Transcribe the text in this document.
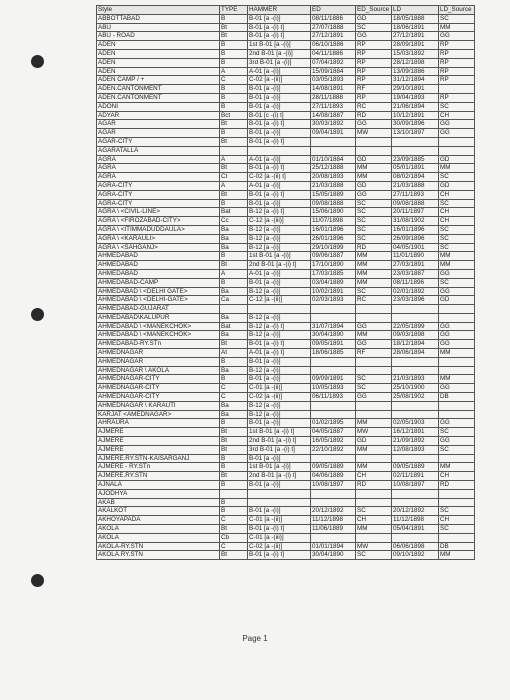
Style	TYPE	HAMMER	ED	ED_Source	LD	LD_Source
ABBOTTABAD	B	B-01 [a -(i)]	08/11/1886	GD	18/05/1888	SC
ABU	Bt	B-01 [a -(i) t]	27/07/1888	SC	18/06/1891	MM
ABU - ROAD	Bt	B-01 [a -(i) t]	27/12/1891	GG	27/12/1891	GG
ADEN	B	1st B-01 [a -(i)]	06/10/1886	RP	28/09/1891	RP
ADEN	B	2nd B-01 [a -(i)]	04/11/1886	RP	15/03/1892	RP
ADEN	B	3rd B-01 [a -(i)]	07/04/1892	RP	28/12/1898	RP
ADEN	A	A-01 [a -(i)]	15/09/1884	RP	13/09/1886	RP
ADEN CAMP / +	C	C-02 [a -(ii)]	03/05/1893	RP	31/12/1894	RP
ADEN.CANTONMENT	B	B-01 [a -(i)]	14/08/1891	RF	29/10/1891	
ADEN.CANTONMENT	B	B-01 [a -(i)]	28/11/1888	RP	19/04/1893	RP
ADONI	B	B-01 [a -(i)]	27/11/1893	RC	21/06/1894	SC
ADYAR	Bct	B-01 [c -(i) t]	14/08/1887	RD	10/12/1891	CH
AGAR	Bt	B-01 [a -(i) t]	30/03/1892	GG	30/09/1896	GG
AGAR	B	B-01 [a -(i)]	09/04/1891	MW	13/10/1897	GG
AGAR-CITY	Bt	B-01 [a -(i) t]				
AGARATALLA						
AGRA	A	A-01 [a -(i)]	01/10/1884	GD	23/09/1885	GD
AGRA	Bt	B-01 [a -(i) t]	25/12/1888	MM	05/01/1891	MM
AGRA	Ct	C-02 [a -(ii) t]	20/08/1893	MM	08/02/1894	SC
AGRA-CITY	A	A-01 [a -(i)]	21/03/1888	GD	21/03/1888	GD
AGRA-CITY	Bt	B-01 [a -(i) t]	15/05/1889	GG	27/11/1893	CH
AGRA-CITY	B	B-01 [a -(i)]	09/08/1888	SC	09/08/1888	SC
AGRA \ <CIVIL-LINE>	Bat	B-12 [a -(i) t]	15/06/1890	SC	20/11/1897	CH
AGRA \ <FIROZABAD-CITY>	Cc	C-12 [a -(iii)]	11/07/1898	SC	31/08/1902	CH
AGRA \ <ITIMMADUDDAULA>	Ba	B-12 [a -(i)]	16/01/1896	SC	16/01/1896	SC
AGRA \ <KARAULI>	Ba	B-12 [a -(i)]	26/01/1896	SC	26/09/1896	SC
AGRA \ <SAHGANJ>	Ba	B-12 [a -(i)]	29/10/1899	RD	04/05/1901	SC
AHMEDABAD	B	1st B-01 [a -(i)]	09/06/1887	MM	11/01/1890	MM
AHMEDABAD	Bt	2nd B-01 [a -(i) t]	17/10/1890	MM	27/03/1891	MM
AHMEDABAD	A	A-01 [a -(i)]	17/03/1885	MM	23/03/1887	GG
AHMEDABAD-CAMP	B	B-01 [a -(i)]	03/04/1889	MM	08/11/1896	SC
AHMEDABAD \ <DELHI GATE>	Ba	B-12 [a -(i)]	10/02/1891	SC	02/01/1892	GG
AHMEDABAD \ <DELHI-GATE>	Ca	C-12 [a -(ii)]	02/03/1893	RC	23/03/1896	GD
AHMEDABAD-GUJARAT						
AHMEDABAD\KALUPUR	Ba	B-12 [a -(i)]				
AHMEDABAD \ <MANEKCHOK>	Bat	B-12 [a -(i) t]	31/07/1894	GG	22/05/1899	GG
AHMEDABAD \ <MANEKCHOK>	Ba	B-12 [a -(i)]	30/04/1890	MM	09/03/1898	GG
AHMEDABAD-RY.STn	Bt	B-01 [a -(i) t]	09/05/1891	GG	18/12/1894	GG
AHMEDNAGAR	At	A-01 [a -(i) t]	18/06/1885	RF	28/06/1894	MM
AHMEDNAGAR	B	B-01 [a -(i)]				
AHMEDNAGAR \ AKOLA	Ba	B-12 [a -(i)]				
AHMEDNAGAR-CITY	B	B-01 [a -(i)]	09/09/1891	SC	21/03/1893	MM
AHMEDNAGAR-CITY	C	C-01 [a -(ii)]	10/05/1893	SC	25/10/1900	GG
AHMEDNAGAR-CITY	C	C-02 [a -(ii)]	06/11/1893	GG	25/08/1902	DB
AHMEDNAGAR \ KARAUTI	Ba	B-12 [a -(i)]				
KARJAT <AMEDNAGAR>	Ba	B-12 [a -(i)]				
AHRAURA	B	B-01 [a -(i)]	01/02/1895	MM	02/05/1903	GG
AJMERE	Bt	1st B-01 [a -(i) t]	04/05/1887	MW	16/12/1891	SC
AJMERE	Bt	2nd B-01 [a -(i) t]	16/05/1892	GD	21/09/1892	GG
AJMERE	Bt	3rd B-01 [a -(i) t]	22/10/1892	MM	12/08/1893	SC
AJMERE.RY.STN-KAISARGANJ	B	B-01 [a -(i)]				
AJMERE - RY.STn	B	1st B-01 [a -(i)]	09/05/1889	MM	09/05/1889	MM
AJMERE.RY.STN	Bt	2nd B-01 [a -(i) t]	04/06/1889	CH	02/11/1891	CH
AJNALA	B	B-01 [a -(i)]	10/08/1897	RD	10/08/1897	RD
AJODHYA						
AKAB	B					
AKALKOT	B	B-01 [a -(i)]	20/12/1892	SC	20/12/1892	SC
AKHOYAPADA	C	C-01 [a -(ii)]	11/12/1898	CH	11/12/1898	CH
AKOLA	Bt	B-01 [a -(i) t]	11/06/1889	MM	05/04/1891	SC
AKOLA	Cb	C-01 [a -(iii)]				
AKOLA-RY.STN	C	C-02 [a -(ii)]	01/01/1894	MW	06/06/1898	DB
AKOLA.RY.STN	Bt	B-01 [a -(i) t]	30/04/1890	SC	09/10/1892	MM
Page 1
